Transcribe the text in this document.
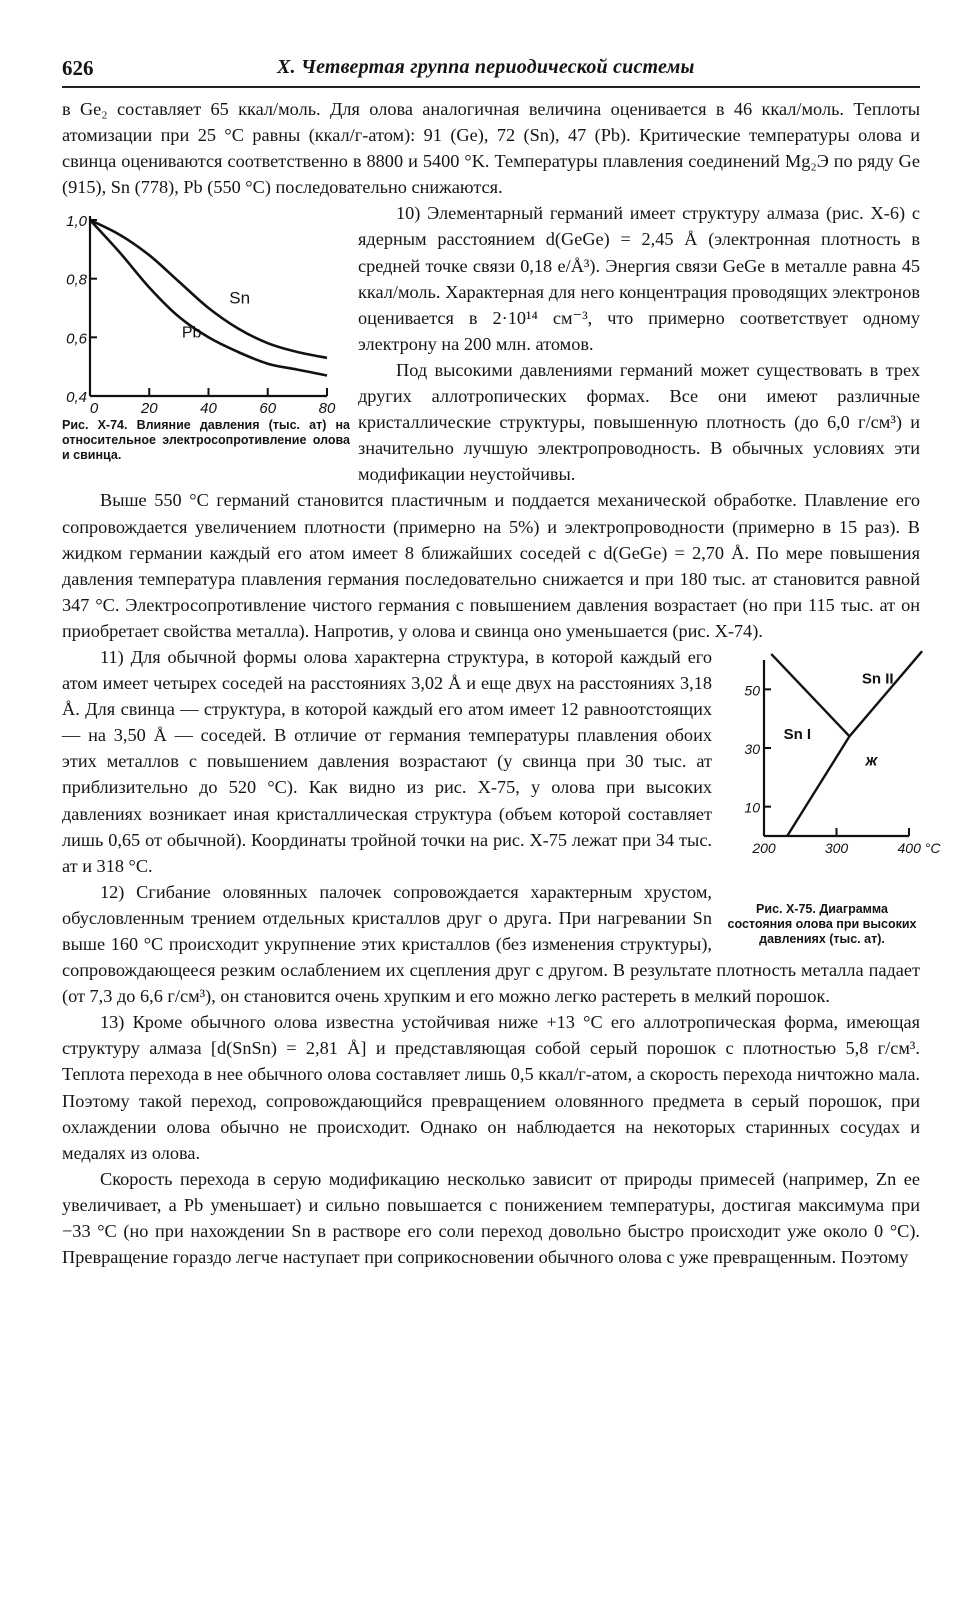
626	X. Четвертая группа периодической системы

в Ge₂ составляет 65 ккал/моль. Для олова аналогичная величина оценивается в 46 ккал/моль. Теплоты атомизации при 25 °C равны (ккал/г-атом): 91 (Ge), 72 (Sn), 47 (Pb). Критические температуры олова и свинца оцениваются соответственно в 8800 и 5400 °K. Температуры плавления соединений Mg₂Э по ряду Ge (915), Sn (778), Pb (550 °C) последовательно снижаются.

0,4
0,6
0,8
1,0
0	20	40	60	80
Sn
Pb
Рис. X-74. Влияние давления (тыс. ат) на относительное электросопротивление олова и свинца.
10) Элементарный германий имеет структуру алмаза (рис. X-6) с ядерным расстоянием d(GeGe) = 2,45 Å (электронная плотность в средней точке связи 0,18 e/Å³). Энергия связи GeGe в металле равна 45 ккал/моль. Характерная для него концентрация проводящих электронов оценивается в 2·10¹⁴ см⁻³, что примерно соответствует одному электрону на 200 млн. атомов.

Под высокими давлениями германий может существовать в трех других аллотропических формах. Все они имеют различные кристаллические структуры, повышенную плотность (до 6,0 г/см³) и значительно лучшую электропроводность. В обычных условиях эти модификации неустойчивы.

Выше 550 °C германий становится пластичным и поддается механической обработке. Плавление его сопровождается увеличением плотности (примерно на 5%) и электропроводности (примерно в 15 раз). В жидком германии каждый его атом имеет 8 ближайших соседей с d(GeGe) = 2,70 Å. По мере повышения давления температура плавления германия последовательно снижается и при 180 тыс. ат становится равной 347 °C. Электросопротивление чистого германия с повышением давления возрастает (но при 115 тыс. ат он приобретает свойства металла). Напротив, у олова и свинца оно уменьшается (рис. X-74).

10
30
50
200	300	400 °C
Sn I
Sn II
ж
Рис. X-75. Диаграмма состояния олова при высоких давлениях (тыс. ат).
11) Для обычной формы олова характерна структура, в которой каждый его атом имеет четырех соседей на расстояниях 3,02 Å и еще двух на расстояниях 3,18 Å. Для свинца — структура, в которой каждый его атом имеет 12 равноотстоящих — на 3,50 Å — соседей. В отличие от германия температуры плавления обоих этих металлов с повышением давления возрастают (у свинца при 30 тыс. ат приблизительно до 520 °C). Как видно из рис. X-75, у олова при высоких давлениях возникает иная кристаллическая структура (объем которой составляет лишь 0,65 от обычной). Координаты тройной точки на рис. X-75 лежат при 34 тыс. ат и 318 °C.

12) Сгибание оловянных палочек сопровождается характерным хрустом, обусловленным трением отдельных кристаллов друг о друга. При нагревании Sn выше 160 °C происходит укрупнение этих кристаллов (без изменения структуры), сопровождающееся резким ослаблением их сцепления друг с другом. В результате плотность металла падает (от 7,3 до 6,6 г/см³), он становится очень хрупким и его можно легко растереть в мелкий порошок.

13) Кроме обычного олова известна устойчивая ниже +13 °C его аллотропическая форма, имеющая структуру алмаза [d(SnSn) = 2,81 Å] и представляющая собой серый порошок с плотностью 5,8 г/см³. Теплота перехода в нее обычного олова составляет лишь 0,5 ккал/г-атом, а скорость перехода ничтожно мала. Поэтому такой переход, сопровождающийся превращением оловянного предмета в серый порошок, при охлаждении олова обычно не происходит. Однако он наблюдается на некоторых старинных сосудах и медалях из олова.

Скорость перехода в серую модификацию несколько зависит от природы примесей (например, Zn ее увеличивает, а Pb уменьшает) и сильно повышается с понижением температуры, достигая максимума при −33 °C (но при нахождении Sn в растворе его соли переход довольно быстро происходит уже около 0 °C). Превращение гораздо легче наступает при соприкосновении обычного олова с уже превращенным. Поэтому
